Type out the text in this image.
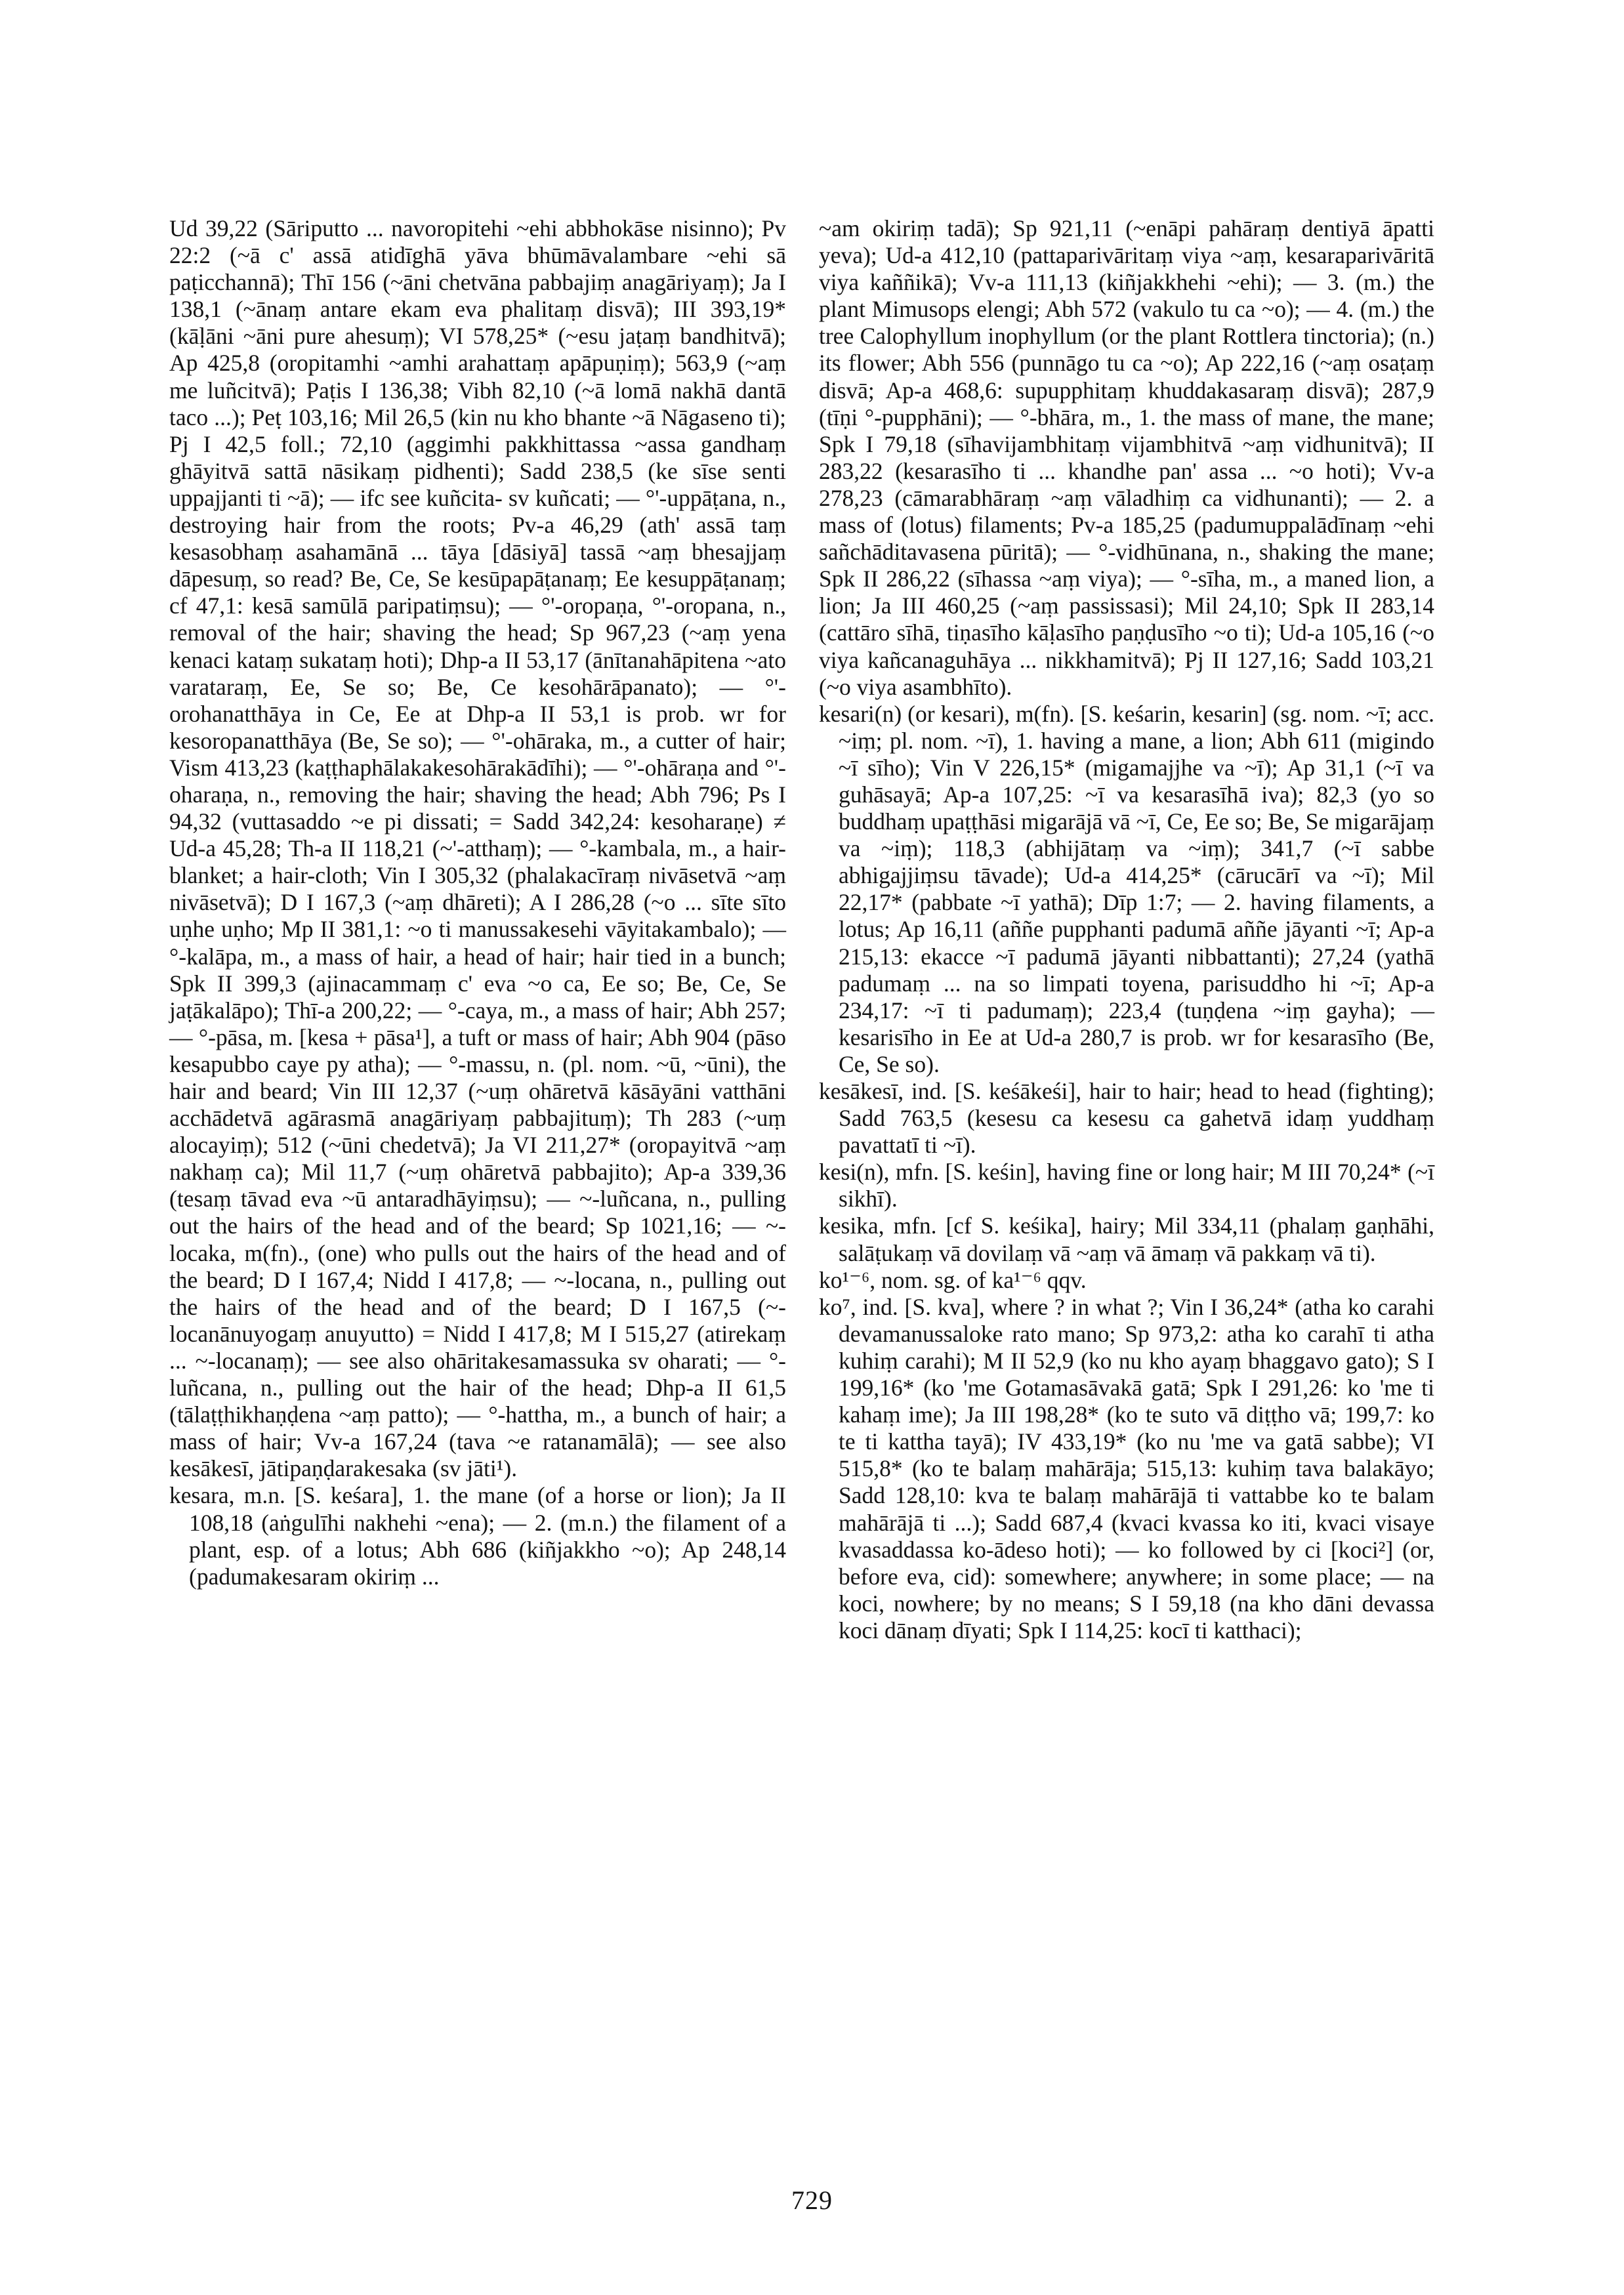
Ud 39,22 (Sāriputto ... navoropitehi ~ehi abbhokāse nisinno); Pv 22:2 (~ā c' assā atidīghā yāva bhūmāvalambare ~ehi sā paṭicchannā); Thī 156 (~āni chetvāna pabbajiṃ anagāriyaṃ); Ja I 138,1 (~ānaṃ antare ekam eva phalitaṃ disvā); III 393,19* (kāḷāni ~āni pure ahesuṃ); VI 578,25* (~esu jaṭaṃ bandhitvā); Ap 425,8 (oropitamhi ~amhi arahattaṃ apāpuṇiṃ); 563,9 (~aṃ me luñcitvā); Paṭis I 136,38; Vibh 82,10 (~ā lomā nakhā dantā taco ...); Peṭ 103,16; Mil 26,5 (kin nu kho bhante ~ā Nāgaseno ti); Pj I 42,5 foll.; 72,10 (aggimhi pakkhittassa ~assa gandhaṃ ghāyitvā sattā nāsikaṃ pidhenti); Sadd 238,5 (ke sīse senti uppajjanti ti ~ā); — ifc see kuñcita- sv kuñcati; — °'-uppāṭana, n., destroying hair from the roots; Pv-a 46,29 (ath' assā taṃ kesasobhaṃ asahamānā ... tāya [dāsiyā] tassā ~aṃ bhesajjaṃ dāpesuṃ, so read? Be, Ce, Se kesūpapāṭanaṃ; Ee kesuppāṭanaṃ; cf 47,1: kesā samūlā paripatiṃsu); — °'-oropaṇa, °'-oropana, n., removal of the hair; shaving the head; Sp 967,23 (~aṃ yena kenaci kataṃ sukataṃ hoti); Dhp-a II 53,17 (ānītanahāpitena ~ato varataraṃ, Ee, Se so; Be, Ce kesohārāpanato); — °'-orohanatthāya in Ce, Ee at Dhp-a II 53,1 is prob. wr for kesoropanatthāya (Be, Se so); — °'-ohāraka, m., a cutter of hair; Vism 413,23 (kaṭṭhaphālakakesohārakādīhi); — °'-ohāraṇa and °'-oharaṇa, n., removing the hair; shaving the head; Abh 796; Ps I 94,32 (vuttasaddo ~e pi dissati; = Sadd 342,24: kesoharaṇe) ≠ Ud-a 45,28; Th-a II 118,21 (~'-atthaṃ); — °-kambala, m., a hair-blanket; a hair-cloth; Vin I 305,32 (phalakacīraṃ nivāsetvā ~aṃ nivāsetvā); D I 167,3 (~aṃ dhāreti); A I 286,28 (~o ... sīte sīto uṇhe uṇho; Mp II 381,1: ~o ti manussakesehi vāyitakambalo); — °-kalāpa, m., a mass of hair, a head of hair; hair tied in a bunch; Spk II 399,3 (ajinacammaṃ c' eva ~o ca, Ee so; Be, Ce, Se jaṭākalāpo); Thī-a 200,22; — °-caya, m., a mass of hair; Abh 257; — °-pāsa, m. [kesa + pāsa¹], a tuft or mass of hair; Abh 904 (pāso kesapubbo caye py atha); — °-massu, n. (pl. nom. ~ū, ~ūni), the hair and beard; Vin III 12,37 (~uṃ ohāretvā kāsāyāni vatthāni acchādetvā agārasmā anagāriyaṃ pabbajituṃ); Th 283 (~uṃ alocayiṃ); 512 (~ūni chedetvā); Ja VI 211,27* (oropayitvā ~aṃ nakhaṃ ca); Mil 11,7 (~uṃ ohāretvā pabbajito); Ap-a 339,36 (tesaṃ tāvad eva ~ū antaradhāyiṃsu); — ~-luñcana, n., pulling out the hairs of the head and of the beard; Sp 1021,16; — ~-locaka, m(fn)., (one) who pulls out the hairs of the head and of the beard; D I 167,4; Nidd I 417,8; — ~-locana, n., pulling out the hairs of the head and of the beard; D I 167,5 (~-locanānuyogaṃ anuyutto) = Nidd I 417,8; M I 515,27 (atirekaṃ ... ~-locanaṃ); — see also ohāritakesamassuka sv oharati; — °-luñcana, n., pulling out the hair of the head; Dhp-a II 61,5 (tālaṭṭhikhaṇḍena ~aṃ patto); — °-hattha, m., a bunch of hair; a mass of hair; Vv-a 167,24 (tava ~e ratanamālā); — see also kesākesī, jātipaṇḍarakesaka (sv jāti¹).

kesara, m.n. [S. keśara], 1. the mane (of a horse or lion); Ja II 108,18 (aṅgulīhi nakhehi ~ena); — 2. (m.n.) the filament of a plant, esp. of a lotus; Abh 686 (kiñjakkho ~o); Ap 248,14 (padumakesaram okiriṃ ...

~am okiriṃ tadā); Sp 921,11 (~enāpi pahāraṃ dentiyā āpatti yeva); Ud-a 412,10 (pattaparivāritaṃ viya ~aṃ, kesaraparivāritā viya kaññikā); Vv-a 111,13 (kiñjakkhehi ~ehi); — 3. (m.) the plant Mimusops elengi; Abh 572 (vakulo tu ca ~o); — 4. (m.) the tree Calophyllum inophyllum (or the plant Rottlera tinctoria); (n.) its flower; Abh 556 (punnāgo tu ca ~o); Ap 222,16 (~aṃ osaṭaṃ disvā; Ap-a 468,6: supupphitaṃ khuddakasaraṃ disvā); 287,9 (tīṇi °-pupphāni); — °-bhāra, m., 1. the mass of mane, the mane; Spk I 79,18 (sīhavijambhitaṃ vijambhitvā ~aṃ vidhunitvā); II 283,22 (kesarasīho ti ... khandhe pan' assa ... ~o hoti); Vv-a 278,23 (cāmarabhāraṃ ~aṃ vāladhiṃ ca vidhunanti); — 2. a mass of (lotus) filaments; Pv-a 185,25 (padumuppalādīnaṃ ~ehi sañchāditavasena pūritā); — °-vidhūnana, n., shaking the mane; Spk II 286,22 (sīhassa ~aṃ viya); — °-sīha, m., a maned lion, a lion; Ja III 460,25 (~aṃ passissasi); Mil 24,10; Spk II 283,14 (cattāro sīhā, tiṇasīho kāḷasīho paṇḍusīho ~o ti); Ud-a 105,16 (~o viya kañcanaguhāya ... nikkhamitvā); Pj II 127,16; Sadd 103,21 (~o viya asambhīto).

kesari(n) (or kesari), m(fn). [S. keśarin, kesarin] (sg. nom. ~ī; acc. ~iṃ; pl. nom. ~ī), 1. having a mane, a lion; Abh 611 (migindo ~ī sīho); Vin V 226,15* (migamajjhe va ~ī); Ap 31,1 (~ī va guhāsayā; Ap-a 107,25: ~ī va kesarasīhā iva); 82,3 (yo so buddhaṃ upaṭṭhāsi migarājā vā ~ī, Ce, Ee so; Be, Se migarājaṃ va ~iṃ); 118,3 (abhijātaṃ va ~iṃ); 341,7 (~ī sabbe abhigajjiṃsu tāvade); Ud-a 414,25* (cārucārī va ~ī); Mil 22,17* (pabbate ~ī yathā); Dīp 1:7; — 2. having filaments, a lotus; Ap 16,11 (aññe pupphanti padumā aññe jāyanti ~ī; Ap-a 215,13: ekacce ~ī padumā jāyanti nibbattanti); 27,24 (yathā padumaṃ ... na so limpati toyena, parisuddho hi ~ī; Ap-a 234,17: ~ī ti padumaṃ); 223,4 (tuṇḍena ~iṃ gayha); — kesarisīho in Ee at Ud-a 280,7 is prob. wr for kesarasīho (Be, Ce, Se so).

kesākesī, ind. [S. keśākeśi], hair to hair; head to head (fighting); Sadd 763,5 (kesesu ca kesesu ca gahetvā idaṃ yuddhaṃ pavattatī ti ~ī).

kesi(n), mfn. [S. keśin], having fine or long hair; M III 70,24* (~ī sikhī).

kesika, mfn. [cf S. keśika], hairy; Mil 334,11 (phalaṃ gaṇhāhi, salāṭukaṃ vā dovilaṃ vā ~aṃ vā āmaṃ vā pakkaṃ vā ti).

ko¹⁻⁶, nom. sg. of ka¹⁻⁶ qqv.

ko⁷, ind. [S. kva], where ? in what ?; Vin I 36,24* (atha ko carahi devamanussaloke rato mano; Sp 973,2: atha ko carahī ti atha kuhiṃ carahi); M II 52,9 (ko nu kho ayaṃ bhaggavo gato); S I 199,16* (ko 'me Gotamasāvakā gatā; Spk I 291,26: ko 'me ti kahaṃ ime); Ja III 198,28* (ko te suto vā diṭṭho vā; 199,7: ko te ti kattha tayā); IV 433,19* (ko nu 'me va gatā sabbe); VI 515,8* (ko te balaṃ mahārāja; 515,13: kuhiṃ tava balakāyo; Sadd 128,10: kva te balaṃ mahārājā ti vattabbe ko te balam mahārājā ti ...); Sadd 687,4 (kvaci kvassa ko iti, kvaci visaye kvasaddassa ko-ādeso hoti); — ko followed by ci [koci²] (or, before eva, cid): somewhere; anywhere; in some place; — na koci, nowhere; by no means; S I 59,18 (na kho dāni devassa koci dānaṃ dīyati; Spk I 114,25: kocī ti katthaci);

729
